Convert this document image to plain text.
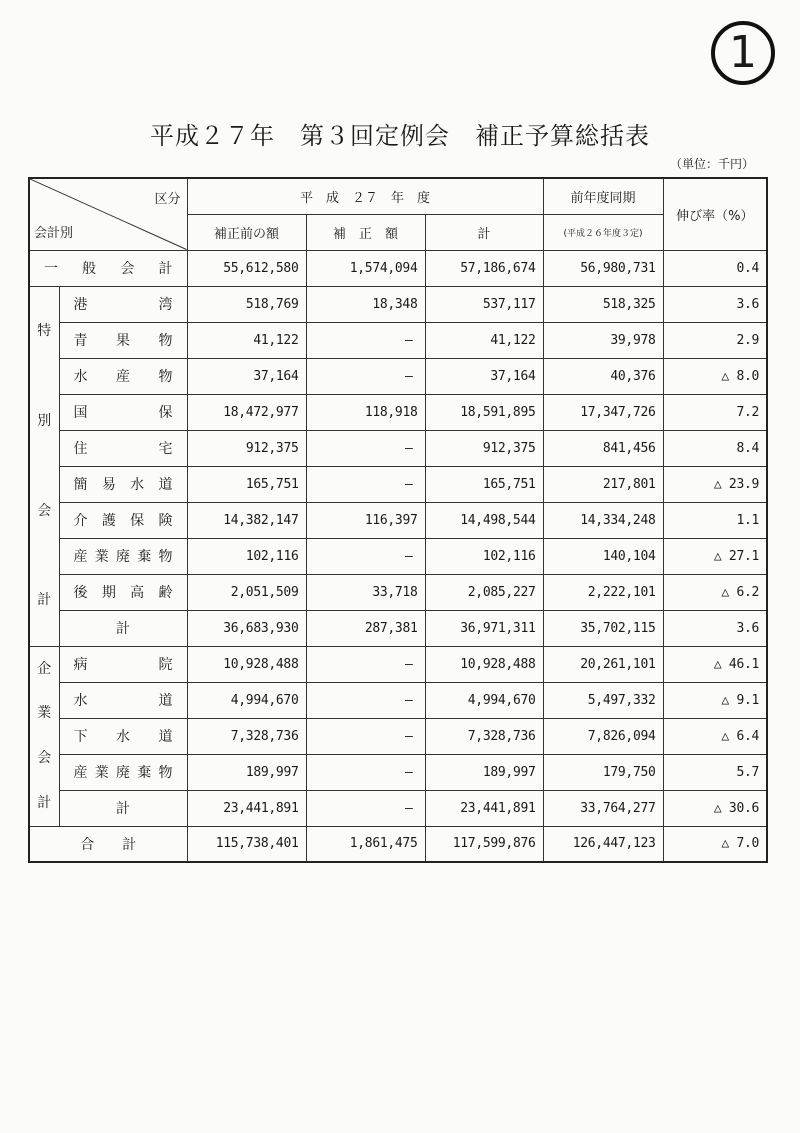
1
平成２７年　第３回定例会　補正予算総括表
（単位：千円）
区分
会計別		平　成　２７　年　度			前年度同期	伸び率（%）
		補正前の額	補　正　額	計	(平成２６年度３定)	
一　般　会　計		55,612,580	1,574,094	57,186,674	56,980,731	0.4

特
別
会
計	港湾	518,769	18,348	537,117	518,325	3.6
	青果物	41,122	—	41,122	39,978	2.9
	水産物	37,164	—	37,164	40,376	△ 8.0
	国保	18,472,977	118,918	18,591,895	17,347,726	7.2
	住宅	912,375	—	912,375	841,456	8.4
	簡易水道	165,751	—	165,751	217,801	△ 23.9
	介護保険	14,382,147	116,397	14,498,544	14,334,248	1.1
	産業廃棄物	102,116	—	102,116	140,104	△ 27.1
	後期高齢	2,051,509	33,718	2,085,227	2,222,101	△ 6.2
	計	36,683,930	287,381	36,971,311	35,702,115	3.6

企
業
会
計	病院	10,928,488	—	10,928,488	20,261,101	△ 46.1
	水道	4,994,670	—	4,994,670	5,497,332	△ 9.1
	下水道	7,328,736	—	7,328,736	7,826,094	△ 6.4
	産業廃棄物	189,997	—	189,997	179,750	5.7
	計	23,441,891	—	23,441,891	33,764,277	△ 30.6
合　　計		115,738,401	1,861,475	117,599,876	126,447,123	△ 7.0
